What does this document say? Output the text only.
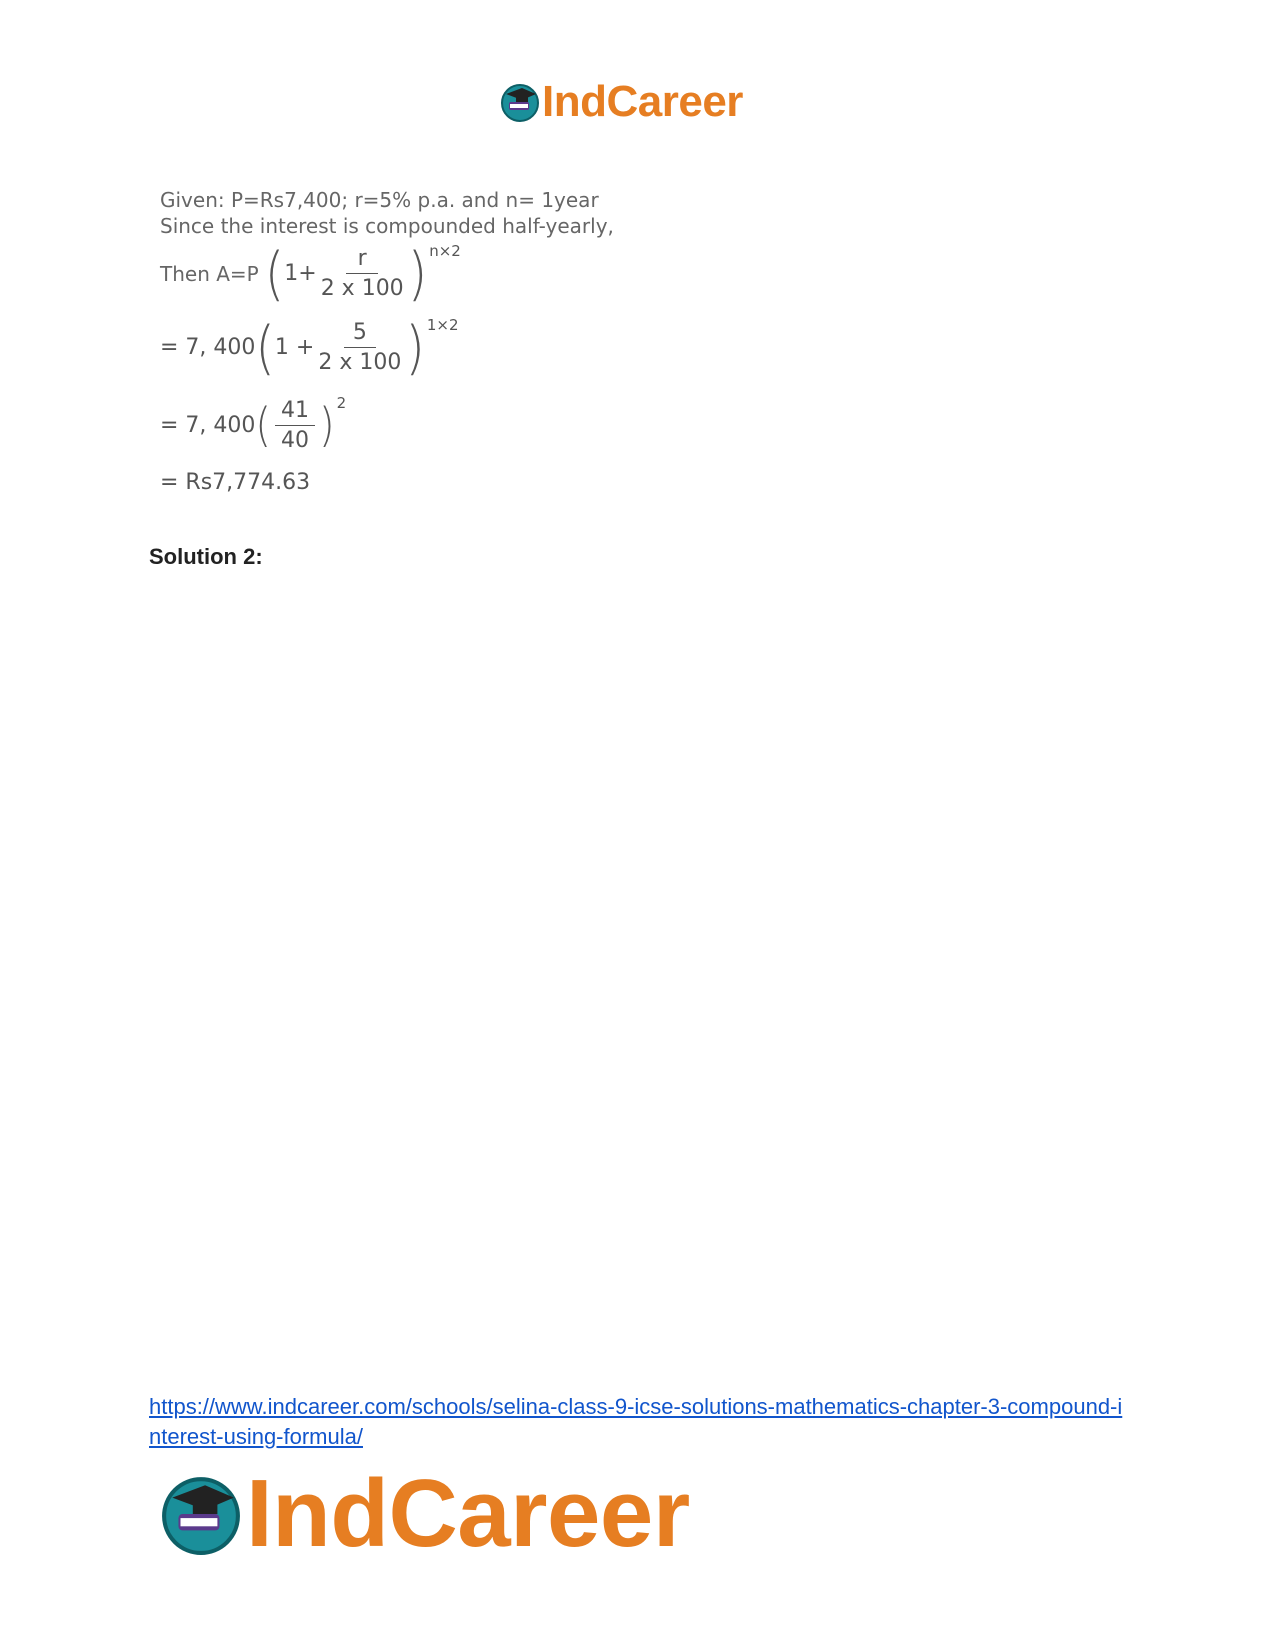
IndCareer
Given: P=Rs7,400; r=5% p.a. and n= 1year
Since the interest is compounded half-yearly,
Then A=P ( $1+ \frac{r}{2 x 100}$ ) n×2
= 7, 400 ( $1 + \frac{5}{2 x 100}$ ) 1×2
= 7, 400 ( $\frac{41}{40}$ ) 2
= Rs7,774.63
Solution 2:
https://www.indcareer.com/schools/selina-class-9-icse-solutions-mathematics-chapter-3-compound-interest-using-formula/
IndCareer
